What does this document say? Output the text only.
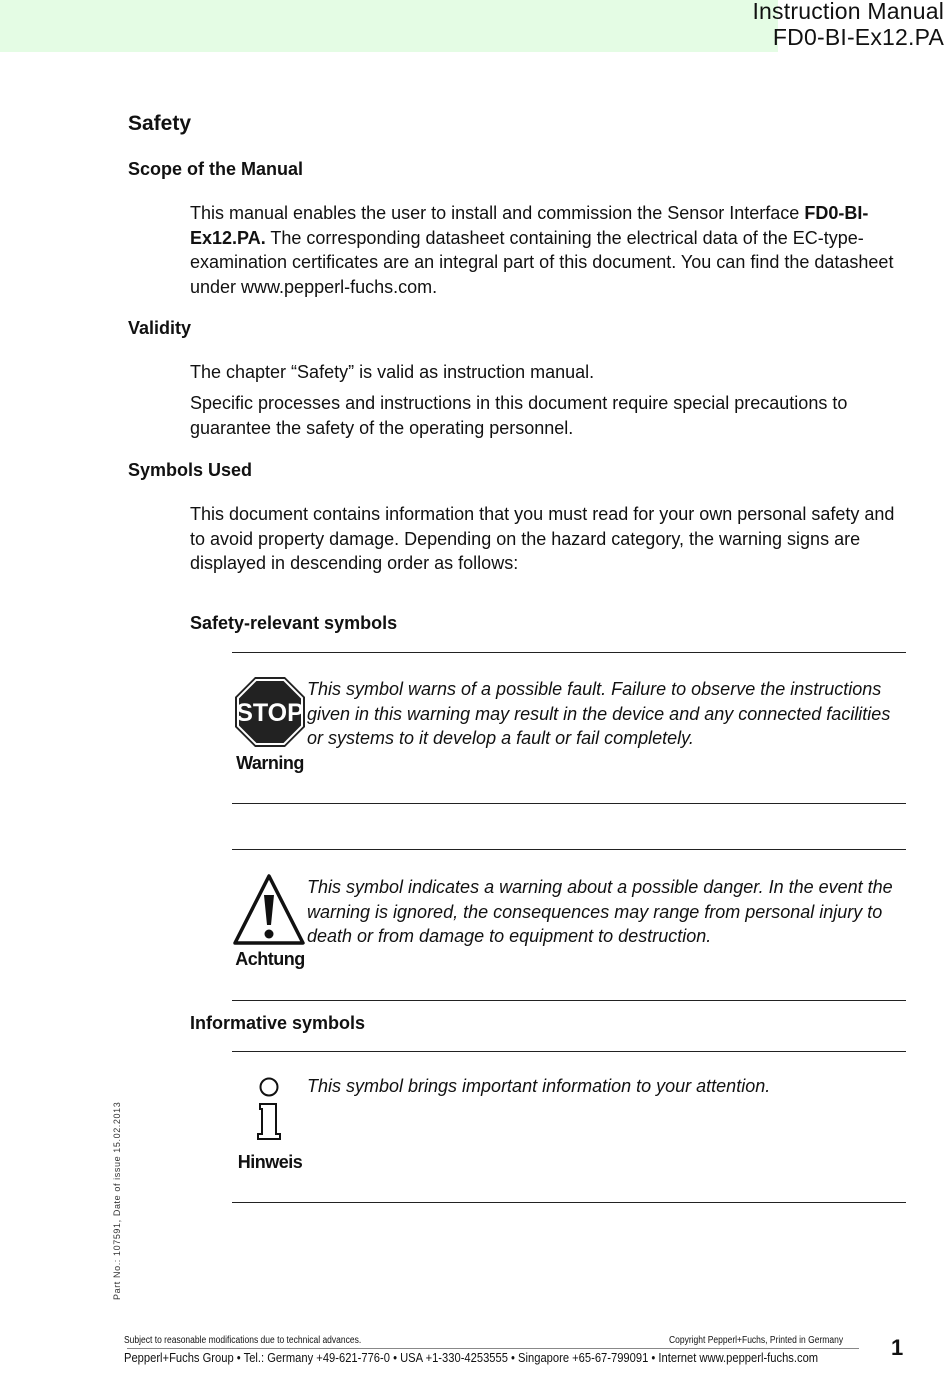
Instruction Manual
FD0-BI-Ex12.PA
Safety
Scope of the Manual
This manual enables the user to install and commission the Sensor Interface FD0-BI-Ex12.PA. The corresponding datasheet containing the electrical data of the EC-type-examination certificates are an integral part of this document. You can find the datasheet under www.pepperl-fuchs.com.
Validity
The chapter “Safety” is valid as instruction manual.
Specific processes and instructions in this document require special precautions to guarantee the safety of the operating personnel.
Symbols Used
This document contains information that you must read for your own personal safety and to avoid property damage. Depending on the hazard category, the warning signs are displayed in descending order as follows:
Safety-relevant symbols
STOP
Warning
This symbol warns of a possible fault. Failure to observe the instructions given in this warning may result in the device and any connected facilities or systems to it develop a fault or fail completely.
Achtung
This symbol indicates a warning about a possible danger. In the event the warning is ignored, the consequences may range from personal injury to death or from damage to equipment to destruction.
Informative symbols
Hinweis
This symbol brings important information to your attention.
Part No.: 107591, Date of issue 15.02.2013
Subject to reasonable modifications due to technical advances.	Copyright Pepperl+Fuchs, Printed in Germany
Pepperl+Fuchs Group • Tel.: Germany +49-621-776-0 • USA +1-330-4253555 • Singapore +65-67-799091 • Internet www.pepperl-fuchs.com	1
